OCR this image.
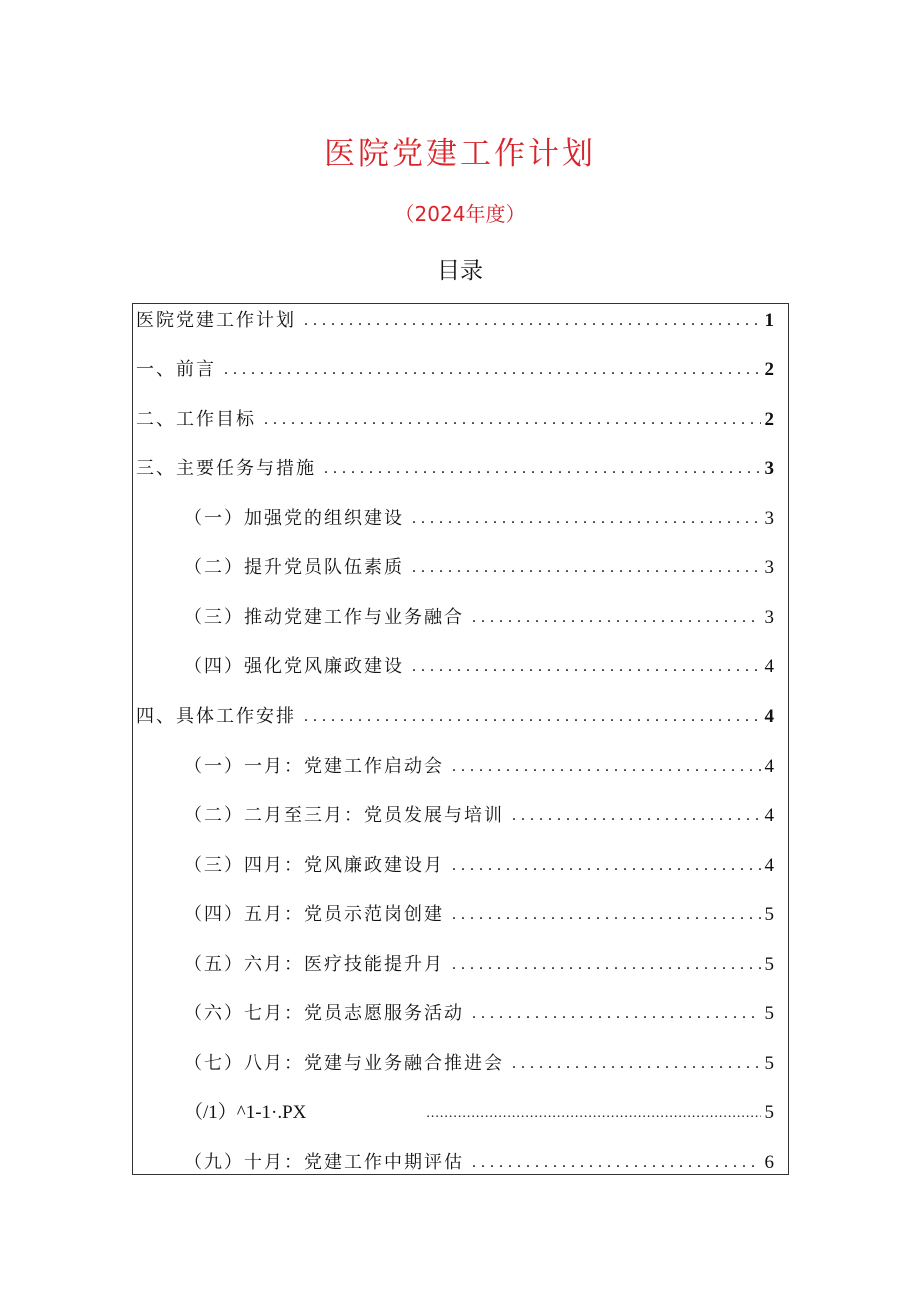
医院党建工作计划
（2024年度）
目录
医院党建工作计划 .....	1
一、前言 .....	2
二、工作目标 .....	2
三、主要任务与措施 .....	3
（一）加强党的组织建设 .....	3
（二）提升党员队伍素质 .....	3
（三）推动党建工作与业务融合 .....	3
（四）强化党风廉政建设 .....	4
四、具体工作安排 .....	4
（一）一月：党建工作启动会 .....	4
（二）二月至三月：党员发展与培训 .....	4
（三）四月：党风廉政建设月 .....	4
（四）五月：党员示范岗创建 .....	5
（五）六月：医疗技能提升月 .....	5
（六）七月：党员志愿服务活动 .....	5
（七）八月：党建与业务融合推进会 .....	5
（/1）^1-1·.PX .....	5
（九）十月：党建工作中期评估 .....	6
